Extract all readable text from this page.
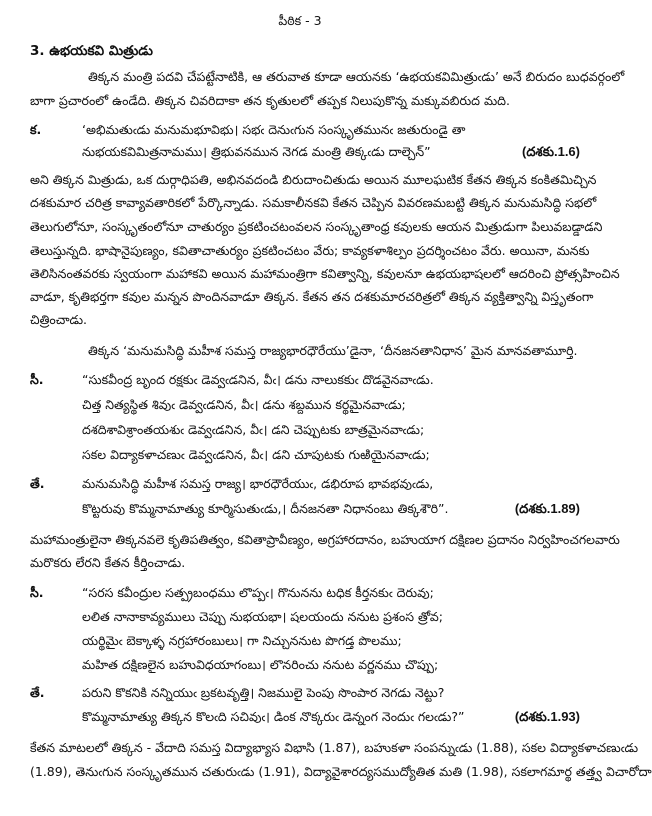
పీఠిక - 3
3. ఉభయకవి మిత్రుడు
తిక్కన మంత్రి పదవి చేపట్టేనాటికి, ఆ తరువాత కూడా ఆయనకు ‘ఉభయకవిమిత్రుఁడు’ అనే బిరుదం బుధవర్గంలో
బాగా ప్రచారంలో ఉండేది. తిక్కన చివరిదాకా తన కృతులలో తప్పక నిలుపుకొన్న మక్కువబిరుద మది.
క.	‘అభిమతుఁడు మనుమభూవిభు। సభఁ దెనుఁగున సంస్కృతమునఁ జతురుండై తా
నుభయకవిమిత్రనామము। త్రిభువనమున నెగడ మంత్రి తిక్కఁడు దాల్చెన్”	(దశకు.1.6)
అని తిక్కన మిత్రుడు, ఒక దుర్గాధిపతి, అభినవదండి బిరుదాంచితుడు అయిన మూలఘటిక కేతన తిక్కన కంకితమిచ్చిన
దశకుమార చరిత్ర కావ్యావతారికలో పేర్కొన్నాడు. సమకాలీనకవి కేతన చెప్పిన వివరణమబట్టి తిక్కన మనుమసిద్ధి సభలో
తెలుగులోనూ, సంస్కృతంలోనూ చాతుర్యం ప్రకటించటంవలన సంస్కృతాంధ్ర కవులకు ఆయన మిత్రుడుగా పిలువబడ్డాడని
తెలుస్తున్నది. భాషానైపుణ్యం, కవితాచాతుర్యం ప్రకటించటం వేరు; కావ్యకళాశిల్పం ప్రదర్శించటం వేరు. అయినా, మనకు
తెలిసినంతవరకు స్వయంగా మహాకవి అయిన మహామంత్రిగా కవిత్వాన్ని, కవులనూ ఉభయభాషలలో ఆదరించి ప్రోత్సహించిన
వాడూ, కృతిభర్తగా కవుల మన్నన పొందినవాడూ తిక్కన. కేతన తన దశకుమారచరిత్రలో తిక్కన వ్యక్తిత్వాన్ని విస్తృతంగా
చిత్రించాడు.
తిక్కన ‘మనుమసిద్ధి మహీశ సమస్త రాజ్యభారధౌరేయు’డైనా, ‘దీనజనతానిధాన’ మైన మానవతామూర్తి.
సీ.	“సుకవీంద్ర బృంద రక్షకుఁ డెవ్వఁడనిన, వీఁ। డను నాలుకకుఁ దొడవైనవాఁడు.
చిత్త నిత్యస్థిత శివుఁ డెవ్వఁడనిన, వీఁ। డను శబ్దమున కర్థమైనవాఁడు;
దశదిశావిశ్రాంతయశుఁ డెవ్వఁడనిన, వీఁ। డని చెప్పుటకు బాత్రమైనవాఁడు;
సకల విద్యాకళాచణుఁ డెవ్వఁడనిన, వీఁ। డని చూపుటకు గుఱియైనవాఁడు;
తే.	మనుమసిద్ధి మహీశ సమస్త రాజ్య। భారధౌరేయుఁ, డభిరూప భావభవుఁడు,
కొట్టరువు కొమ్మనామాత్యు కూర్మిసుతుఁడు,। దీనజనతా నిధానంబు తిక్కశౌరి”.	(దశకు.1.89)
మహామంత్రులైనా తిక్కనవలె కృతిపతిత్వం, కవితాప్రావీణ్యం, అగ్రహారదానం, బహుయాగ దక్షిణల ప్రదానం నిర్వహించగలవారు
మరొకరు లేరని కేతన కీర్తించాడు.
సీ.	“సరస కవీంద్రుల సత్ప్రబంధము లొప్పఁ। గొనునను టధిక కీర్తనకుఁ దెరువు;
లలిత నానాకావ్యములు చెప్పు నుభయభా। షలయందు ననుట ప్రశంస త్రోవ;
యర్థిమైఁ బెక్కాళ్ళ నగ్రహారంబులు। గా నిచ్చుననుట పొగడ్త పొలము;
మహిత దక్షిణలైన బహువిధయాగంబు। లొనరించు ననుట వర్ణనము చొప్పు;
తే.	పరుని కొకనికి నన్నియుఁ బ్రకటవృత్తి। నిజములై పెంపు సొంపార నెగడు నెట్టు?
కొమ్మనామాత్యు తిక్కన కొలఁది సచివుఁ। డింక నొక్కరుఁ డెన్నంగ నెందుఁ గలఁడు?”	(దశకు.1.93)
కేతన మాటలలో తిక్కన - వేదాది సమస్త విద్యాభ్యాస విభాసి (1.87), బహుకళా సంపన్నుఁడు (1.88), సకల విద్యాకళాచణుఁడు
(1.89), తెనుఁగున సంస్కృతమున చతురుఁడు (1.91), విద్యావైశారద్యసముద్యోతిత మతి (1.98), సకలాగమార్థ తత్త్వ విచారోదా
